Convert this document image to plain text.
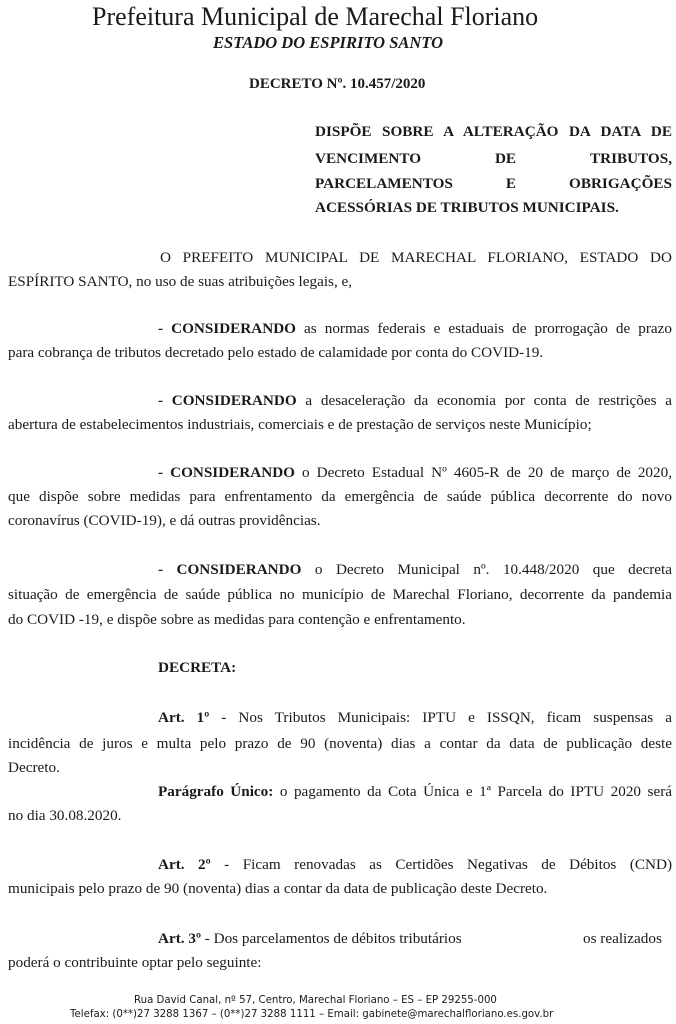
Prefeitura Municipal de Marechal Floriano
ESTADO DO ESPIRITO SANTO
DECRETO Nº. 10.457/2020
DISPÕE SOBRE A ALTERAÇÃO DA DATA DE
VENCIMENTO	DE	TRIBUTOS,
PARCELAMENTOS	E	OBRIGAÇÕES
ACESSÓRIAS DE TRIBUTOS MUNICIPAIS.
O PREFEITO MUNICIPAL DE MARECHAL FLORIANO, ESTADO DO
ESPÍRITO SANTO, no uso de suas atribuições legais, e,
- CONSIDERANDO as normas federais e estaduais de prorrogação de prazo
para cobrança de tributos decretado pelo estado de calamidade por conta do COVID-19.
- CONSIDERANDO a desaceleração da economia por conta de restrições a
abertura de estabelecimentos industriais, comerciais e de prestação de serviços neste Município;
- CONSIDERANDO o Decreto Estadual Nº 4605-R de 20 de março de 2020,
que dispõe sobre medidas para enfrentamento da emergência de saúde pública decorrente do novo
coronavírus (COVID-19), e dá outras providências.
- CONSIDERANDO o Decreto Municipal nº. 10.448/2020 que decreta
situação de emergência de saúde pública no município de Marechal Floriano, decorrente da pandemia
do COVID -19, e dispõe sobre as medidas para contenção e enfrentamento.
DECRETA:
Art. 1º - Nos Tributos Municipais: IPTU e ISSQN, ficam suspensas a
incidência de juros e multa pelo prazo de 90 (noventa) dias a contar da data de publicação deste
Decreto.
Parágrafo Único: o pagamento da Cota Única e 1ª Parcela do IPTU 2020 será
no dia 30.08.2020.
Art. 2º - Ficam renovadas as Certidões Negativas de Débitos (CND)
municipais pelo prazo de 90 (noventa) dias a contar da data de publicação deste Decreto.
Art. 3º - Dos parcelamentos de débitos tributários	os realizados
poderá o contribuinte optar pelo seguinte:
Rua David Canal, nº 57, Centro, Marechal Floriano – ES – EP 29255-000
Telefax: (0**)27 3288 1367 – (0**)27 3288 1111 – Email: gabinete@marechalfloriano.es.gov.br
